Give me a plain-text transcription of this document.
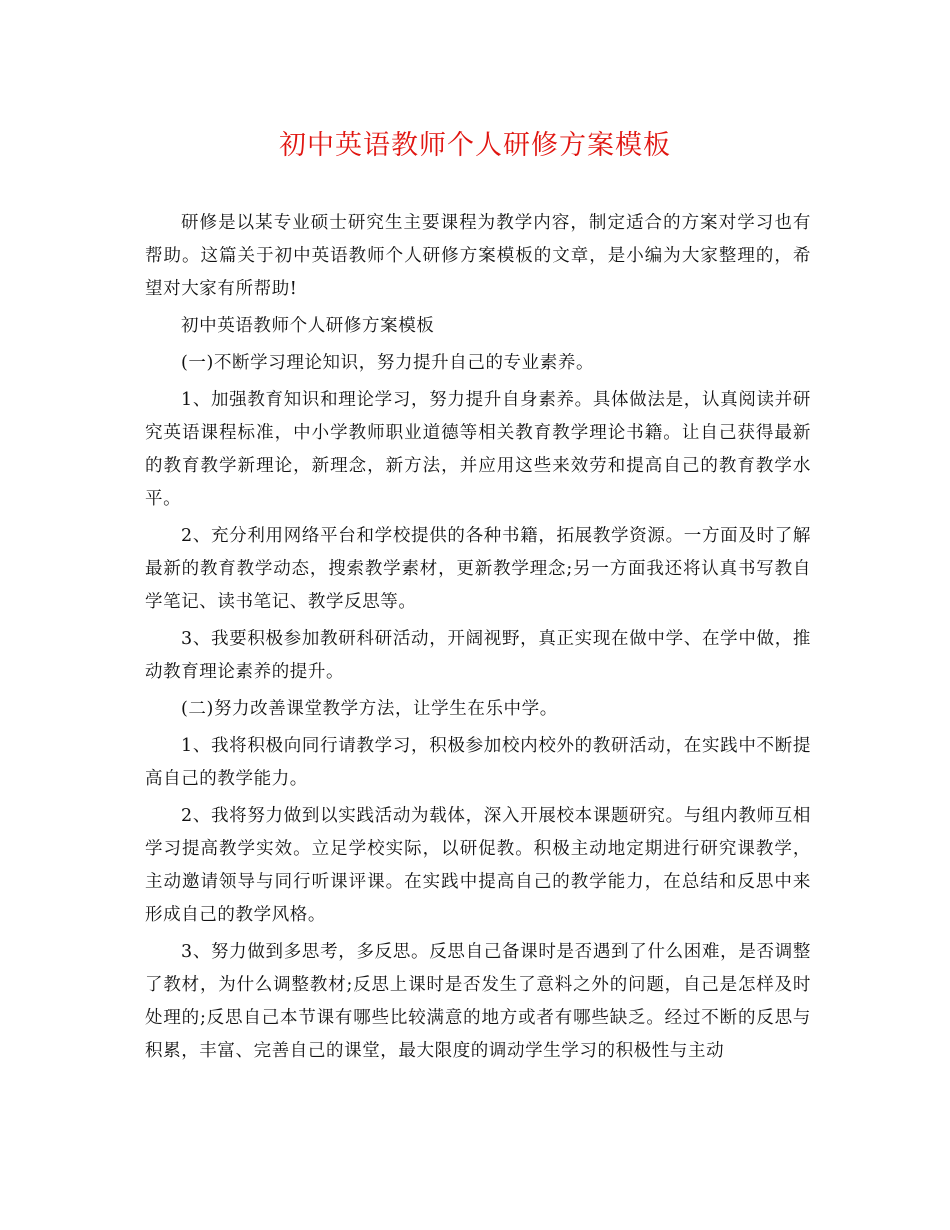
初中英语教师个人研修方案模板

研修是以某专业硕士研究生主要课程为教学内容，制定适合的方案对学习也有帮助。这篇关于初中英语教师个人研修方案模板的文章，是小编为大家整理的，希望对大家有所帮助!

初中英语教师个人研修方案模板

(一)不断学习理论知识，努力提升自己的专业素养。

1、加强教育知识和理论学习，努力提升自身素养。具体做法是，认真阅读并研究英语课程标准，中小学教师职业道德等相关教育教学理论书籍。让自己获得最新的教育教学新理论，新理念，新方法，并应用这些来效劳和提高自己的教育教学水平。

2、充分利用网络平台和学校提供的各种书籍，拓展教学资源。一方面及时了解最新的教育教学动态，搜索教学素材，更新教学理念;另一方面我还将认真书写教自学笔记、读书笔记、教学反思等。

3、我要积极参加教研科研活动，开阔视野，真正实现在做中学、在学中做，推动教育理论素养的提升。

(二)努力改善课堂教学方法，让学生在乐中学。

1、我将积极向同行请教学习，积极参加校内校外的教研活动，在实践中不断提高自己的教学能力。

2、我将努力做到以实践活动为载体，深入开展校本课题研究。与组内教师互相学习提高教学实效。立足学校实际，以研促教。积极主动地定期进行研究课教学，主动邀请领导与同行听课评课。在实践中提高自己的教学能力，在总结和反思中来形成自己的教学风格。

3、努力做到多思考，多反思。反思自己备课时是否遇到了什么困难，是否调整了教材，为什么调整教材;反思上课时是否发生了意料之外的问题，自己是怎样及时处理的;反思自己本节课有哪些比较满意的地方或者有哪些缺乏。经过不断的反思与积累，丰富、完善自己的课堂，最大限度的调动学生学习的积极性与主动
